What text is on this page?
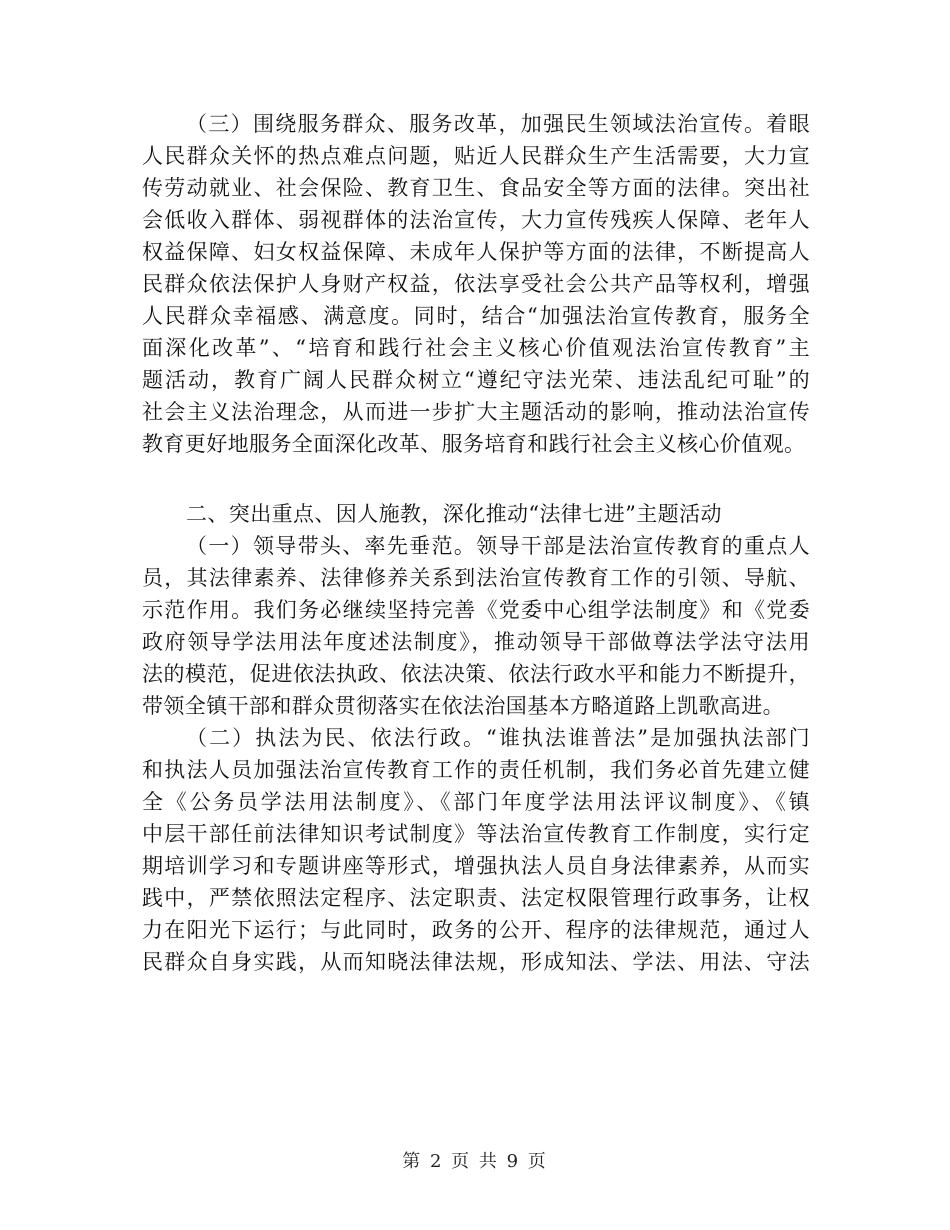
（三）围绕服务群众、服务改革，加强民生领域法治宣传。着眼
人民群众关怀的热点难点问题，贴近人民群众生产生活需要，大力宣
传劳动就业、社会保险、教育卫生、食品安全等方面的法律。突出社
会低收入群体、弱视群体的法治宣传，大力宣传残疾人保障、老年人
权益保障、妇女权益保障、未成年人保护等方面的法律，不断提高人
民群众依法保护人身财产权益，依法享受社会公共产品等权利，增强
人民群众幸福感、满意度。同时，结合“加强法治宣传教育，服务全
面深化改革”、“培育和践行社会主义核心价值观法治宣传教育”主
题活动，教育广阔人民群众树立“遵纪守法光荣、违法乱纪可耻”的
社会主义法治理念，从而进一步扩大主题活动的影响，推动法治宣传
教育更好地服务全面深化改革、服务培育和践行社会主义核心价值观。
二、突出重点、因人施教，深化推动“法律七进”主题活动
（一）领导带头、率先垂范。领导干部是法治宣传教育的重点人
员，其法律素养、法律修养关系到法治宣传教育工作的引领、导航、
示范作用。我们务必继续坚持完善《党委中心组学法制度》和《党委
政府领导学法用法年度述法制度》，推动领导干部做尊法学法守法用
法的模范，促进依法执政、依法决策、依法行政水平和能力不断提升，
带领全镇干部和群众贯彻落实在依法治国基本方略道路上凯歌高进。
（二）执法为民、依法行政。“谁执法谁普法”是加强执法部门
和执法人员加强法治宣传教育工作的责任机制，我们务必首先建立健
全《公务员学法用法制度》、《部门年度学法用法评议制度》、《镇
中层干部任前法律知识考试制度》等法治宣传教育工作制度，实行定
期培训学习和专题讲座等形式，增强执法人员自身法律素养，从而实
践中，严禁依照法定程序、法定职责、法定权限管理行政事务，让权
力在阳光下运行；与此同时，政务的公开、程序的法律规范，通过人
民群众自身实践，从而知晓法律法规，形成知法、学法、用法、守法
第 2 页 共 9 页
